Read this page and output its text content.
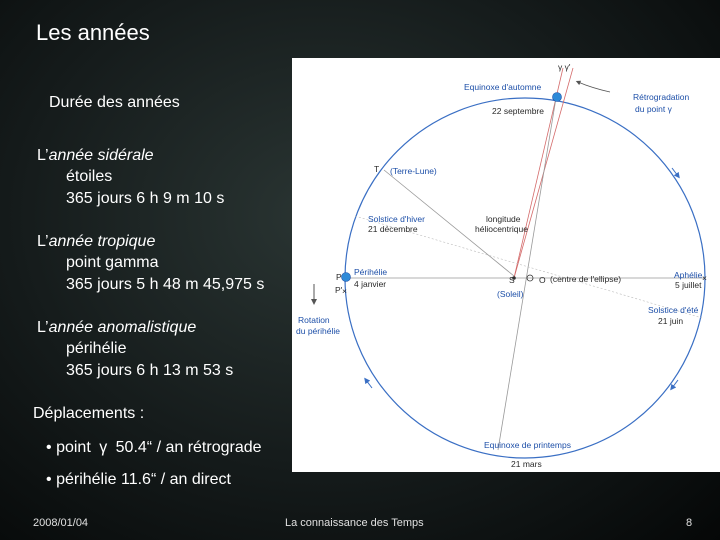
Les années
Durée des années
L’année sidérale
étoiles
365 jours 6 h 9 m 10 s
L’année tropique
point gamma
365 jours 5 h 48 m 45,975 s
L’année anomalistique
périhélie
365 jours 6 h 13 m 53 s
Déplacements :
• point γ 50.4“ / an rétrograde
• périhélie 11.6“ / an direct
2008/01/04	La connaissance des Temps	8
×
×
γ γ'
Equinoxe d'automne
22 septembre
Rétrogradation
du point γ
T (Terre-Lune)
Solstice d'hiver
21 décembre
longitude
héliocentrique
P
P'
Périhélie
4 janvier	S
(Soleil)
O (centre de l'ellipse)	Aphélie
5 juillet
Rotation
du périhélie
Solstice d'été
21 juin
Equinoxe de printemps
21 mars
